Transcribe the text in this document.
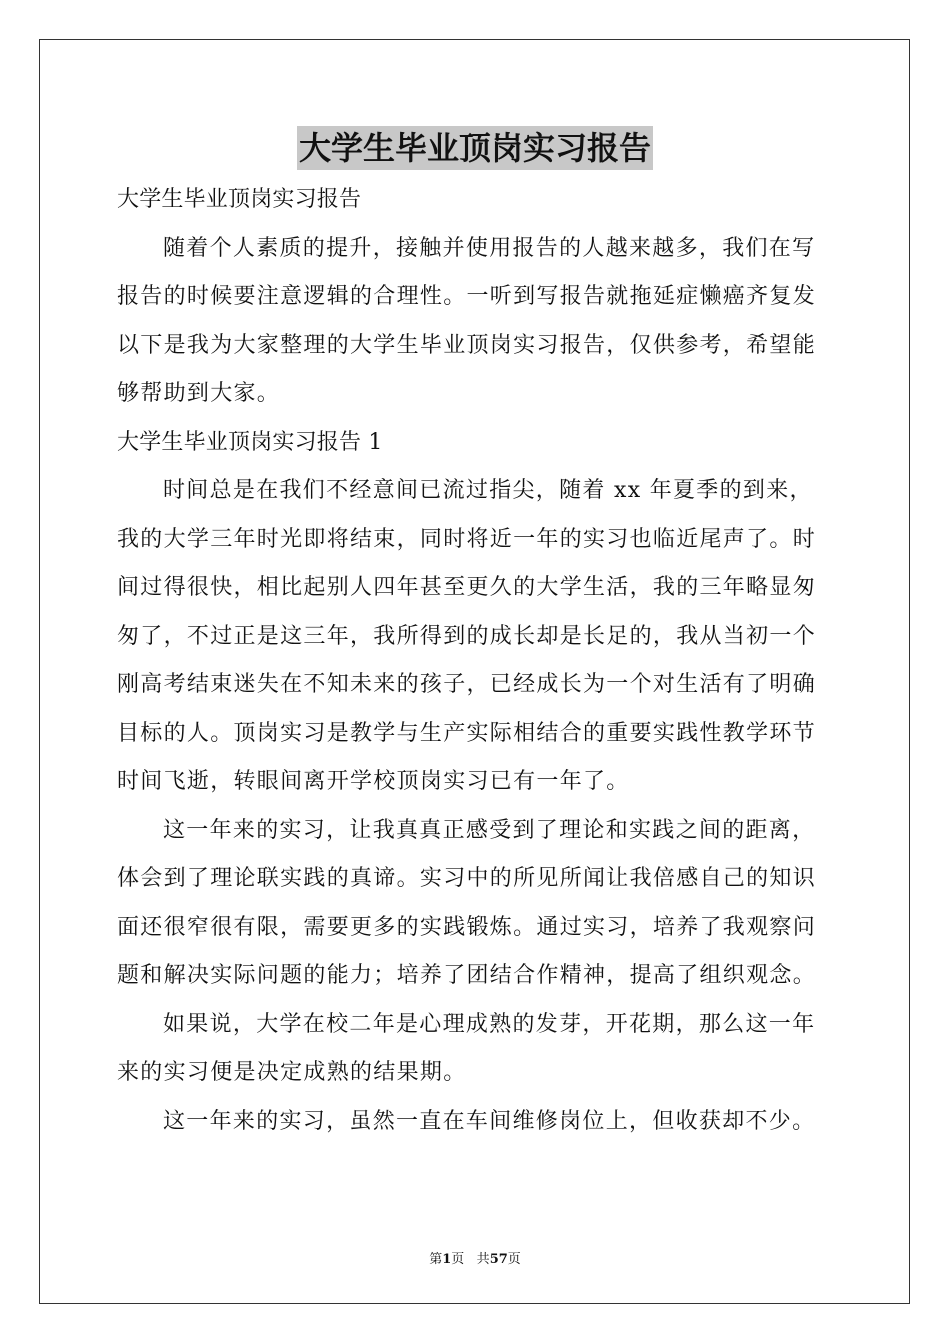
大学生毕业顶岗实习报告
大学生毕业顶岗实习报告
随着个人素质的提升，接触并使用报告的人越来越多，我们在写
报告的时候要注意逻辑的合理性。一听到写报告就拖延症懒癌齐复发
以下是我为大家整理的大学生毕业顶岗实习报告，仅供参考，希望能
够帮助到大家。
大学生毕业顶岗实习报告 1
时间总是在我们不经意间已流过指尖，随着 xx 年夏季的到来，
我的大学三年时光即将结束，同时将近一年的实习也临近尾声了。时
间过得很快，相比起别人四年甚至更久的大学生活，我的三年略显匆
匆了，不过正是这三年，我所得到的成长却是长足的，我从当初一个
刚高考结束迷失在不知未来的孩子，已经成长为一个对生活有了明确
目标的人。顶岗实习是教学与生产实际相结合的重要实践性教学环节
时间飞逝，转眼间离开学校顶岗实习已有一年了。
这一年来的实习，让我真真正感受到了理论和实践之间的距离，
体会到了理论联实践的真谛。实习中的所见所闻让我倍感自己的知识
面还很窄很有限，需要更多的实践锻炼。通过实习，培养了我观察问
题和解决实际问题的能力；培养了团结合作精神，提高了组织观念。
如果说，大学在校二年是心理成熟的发芽，开花期，那么这一年
来的实习便是决定成熟的结果期。
这一年来的实习，虽然一直在车间维修岗位上，但收获却不少。
第1页 共57页
